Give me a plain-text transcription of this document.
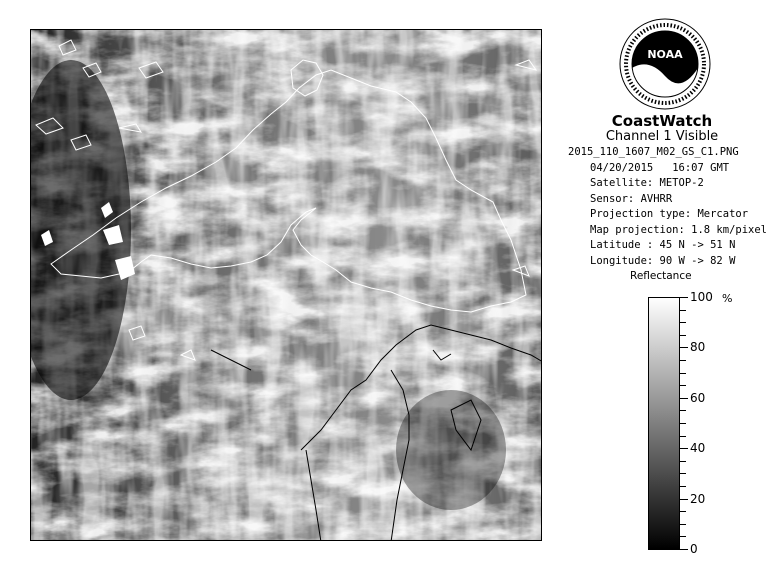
NOAA
CoastWatch
Channel 1 Visible
2015_110_1607_M02_GS_C1.PNG
04/20/2015 16:07 GMT
Satellite: METOP-2
Sensor: AVHRR
Projection type: Mercator
Map projection: 1.8 km/pixel
Latitude : 45 N -> 51 N
Longitude: 90 W -> 82 W
Reflectance
%
100
80
60
40
20
0
